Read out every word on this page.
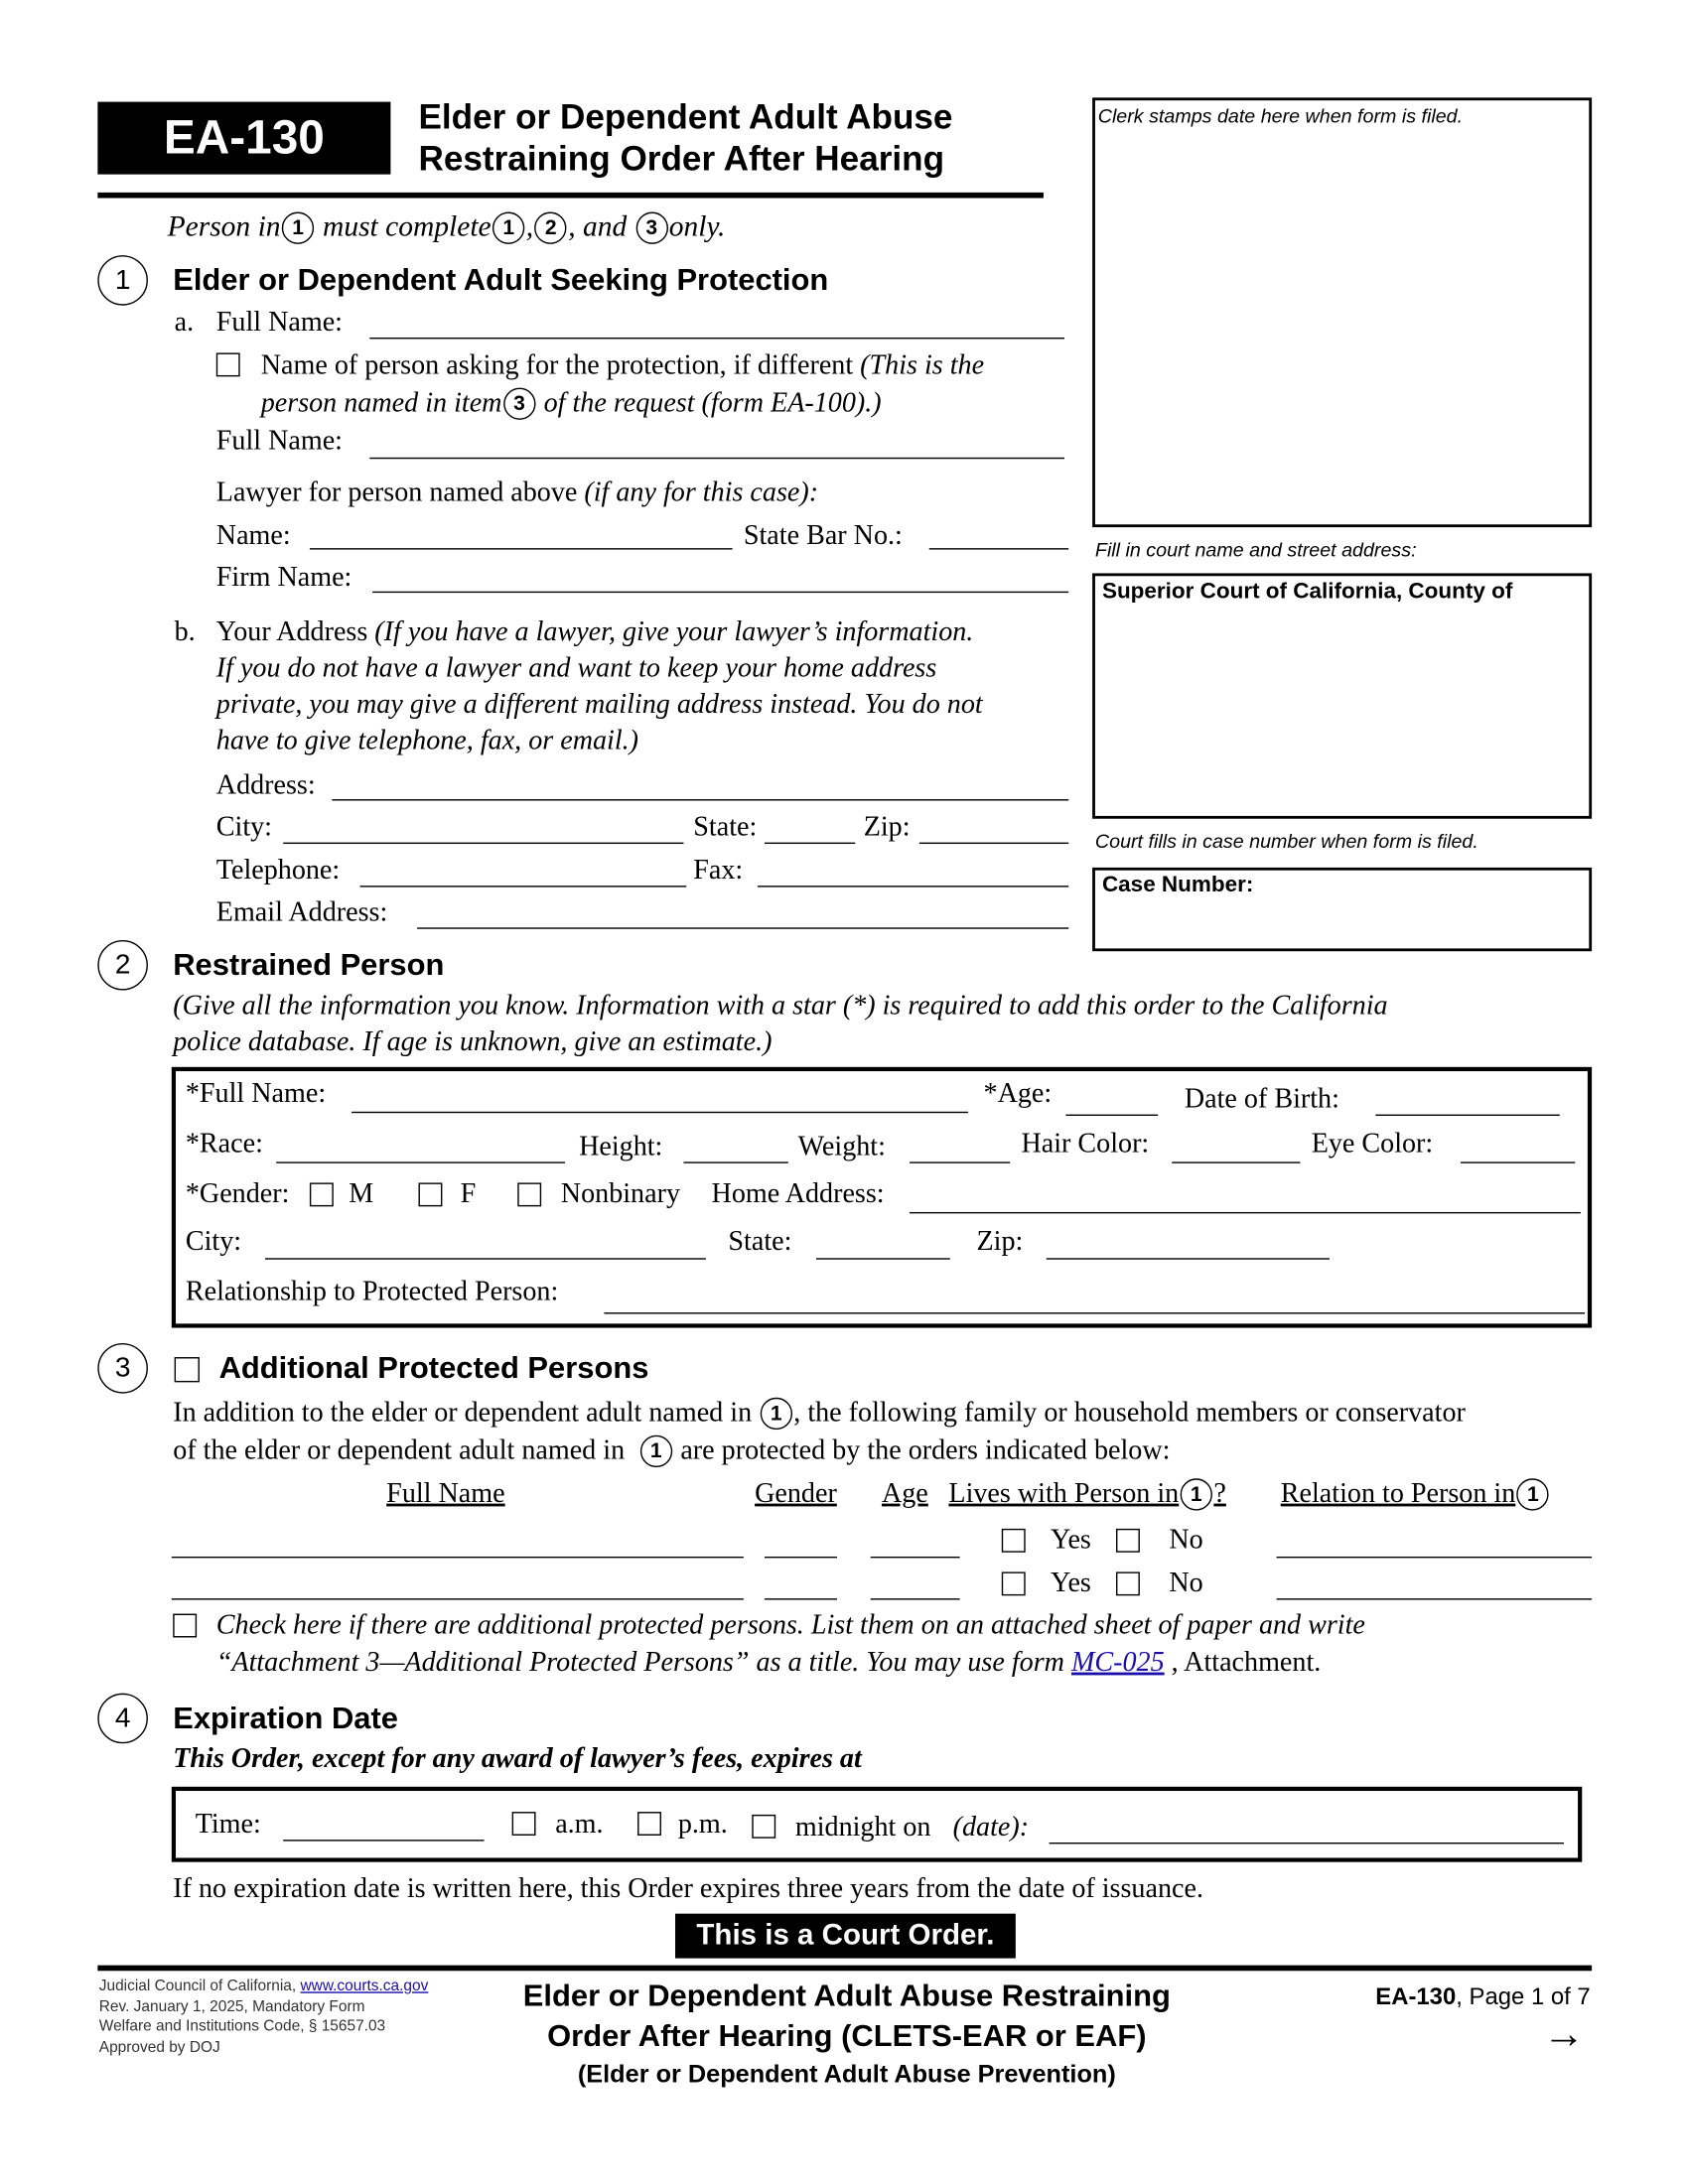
EA-130	Elder or Dependent Adult Abuse
Restraining Order After Hearing
Clerk stamps date here when form is filed.
Fill in court name and street address:
Superior Court of California, County of
Court fills in case number when form is filed.
Case Number:
Person in 1 must complete 1 , 2 , and 3 only.
1	Elder or Dependent Adult Seeking Protection
a. Full Name:
Name of person asking for the protection, if different (This is the
person named in item 3 of the request (form EA-100).)
Full Name:
Lawyer for person named above (if any for this case):
Name:	State Bar No.:
Firm Name:
b. Your Address (If you have a lawyer, give your lawyer’s information.
If you do not have a lawyer and want to keep your home address
private, you may give a different mailing address instead. You do not
have to give telephone, fax, or email.)
Address:
City:	State:	Zip:
Telephone:	Fax:
Email Address:
2	Restrained Person
(Give all the information you know. Information with a star (*) is required to add this order to the California
police database. If age is unknown, give an estimate.)
*Full Name:	*Age:	Date of Birth:
*Race:	Height:	Weight:	Hair Color:	Eye Color:
*Gender:	M	F	Nonbinary Home Address:
City:	State:	Zip:
Relationship to Protected Person:
3	Additional Protected Persons
In addition to the elder or dependent adult named in 1 , the following family or household members or conservator
of the elder or dependent adult named in 1 are protected by the orders indicated below:
Full Name	Gender Age Lives with Person in 1 ?	Relation to Person in 1
Yes	No
Yes	No
Check here if there are additional protected persons. List them on an attached sheet of paper and write
“Attachment 3—Additional Protected Persons” as a title. You may use form MC-025 , Attachment.
4	Expiration Date
This Order, except for any award of lawyer’s fees, expires at
Time:	a.m.	p.m.	midnight on (date):
If no expiration date is written here, this Order expires three years from the date of issuance.
This is a Court Order.
Judicial Council of California, www.courts.ca.gov
Rev. January 1, 2025, Mandatory Form
Welfare and Institutions Code, § 15657.03
Approved by DOJ
Elder or Dependent Adult Abuse Restraining
Order After Hearing (CLETS-EAR or EAF)
(Elder or Dependent Adult Abuse Prevention)
EA-130, Page 1 of 7
→
